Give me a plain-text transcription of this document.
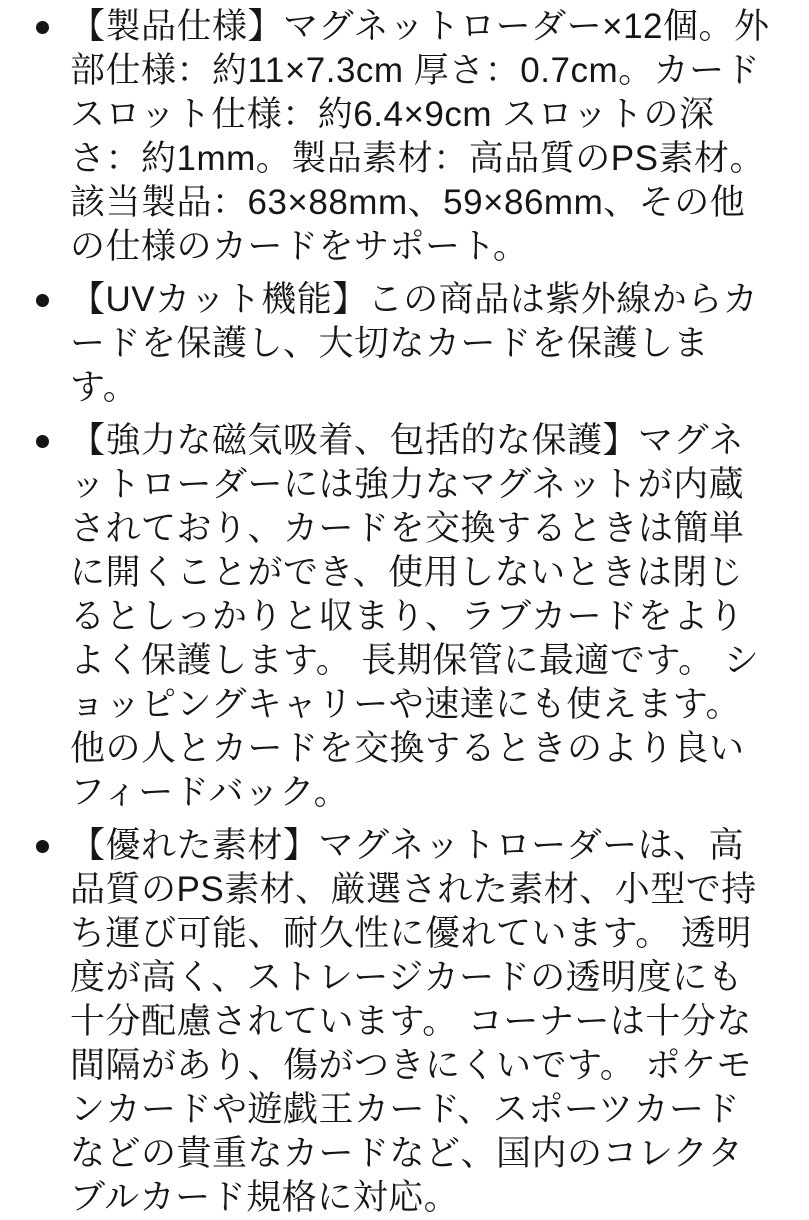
【製品仕様】マグネットローダー×12個。外部仕様：約11×7.3cm 厚さ：0.7cm。カードスロット仕様：約6.4×9cm スロットの深さ：約1mm。製品素材：高品質のPS素材。該当製品：63×88mm、59×86mm、その他の仕様のカードをサポート。
【UVカット機能】この商品は紫外線からカードを保護し、大切なカードを保護します。
【強力な磁気吸着、包括的な保護】マグネットローダーには強力なマグネットが内蔵されており、カードを交換するときは簡単に開くことができ、使用しないときは閉じるとしっかりと収まり、ラブカードをよりよく保護します。 長期保管に最適です。 ショッピングキャリーや速達にも使えます。 他の人とカードを交換するときのより良いフィードバック。
【優れた素材】マグネットローダーは、高品質のPS素材、厳選された素材、小型で持ち運び可能、耐久性に優れています。 透明度が高く、ストレージカードの透明度にも十分配慮されています。 コーナーは十分な間隔があり、傷がつきにくいです。 ポケモンカードや遊戯王カード、スポーツカードなどの貴重なカードなど、国内のコレクタブルカード規格に対応。
